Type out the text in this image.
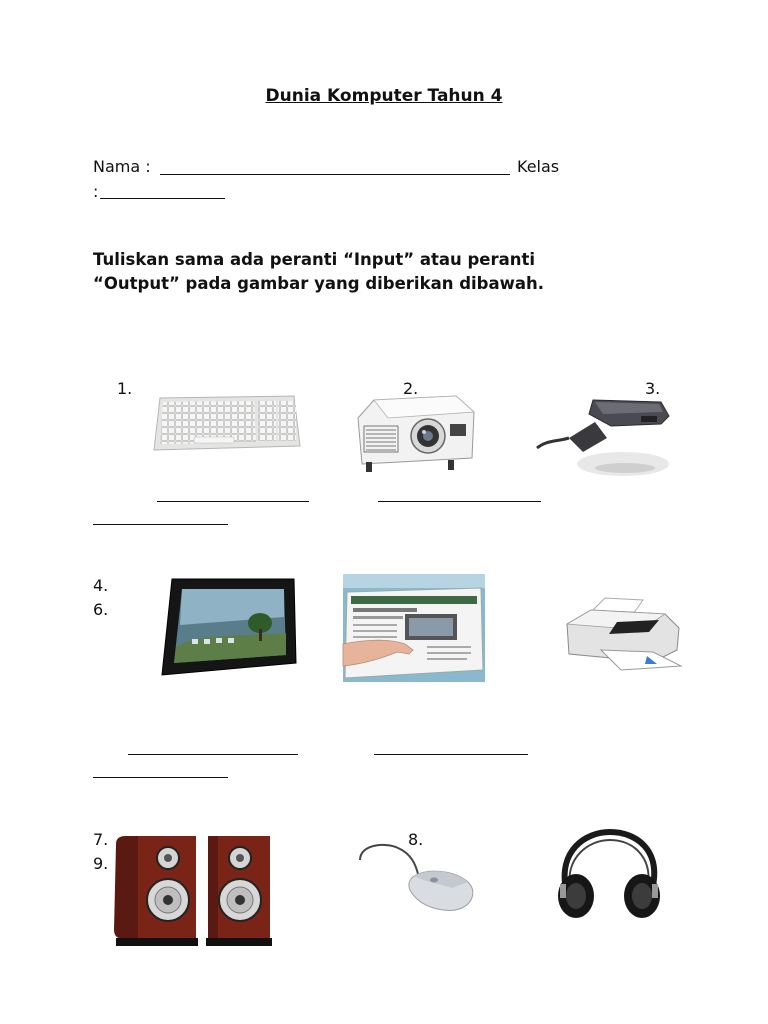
Dunia Komputer Tahun 4
Nama :	Kelas
:
Tuliskan sama ada peranti “Input” atau peranti
“Output” pada gambar yang diberikan dibawah.
1.	2.	3.
4.
6.
7.	8.
9.
